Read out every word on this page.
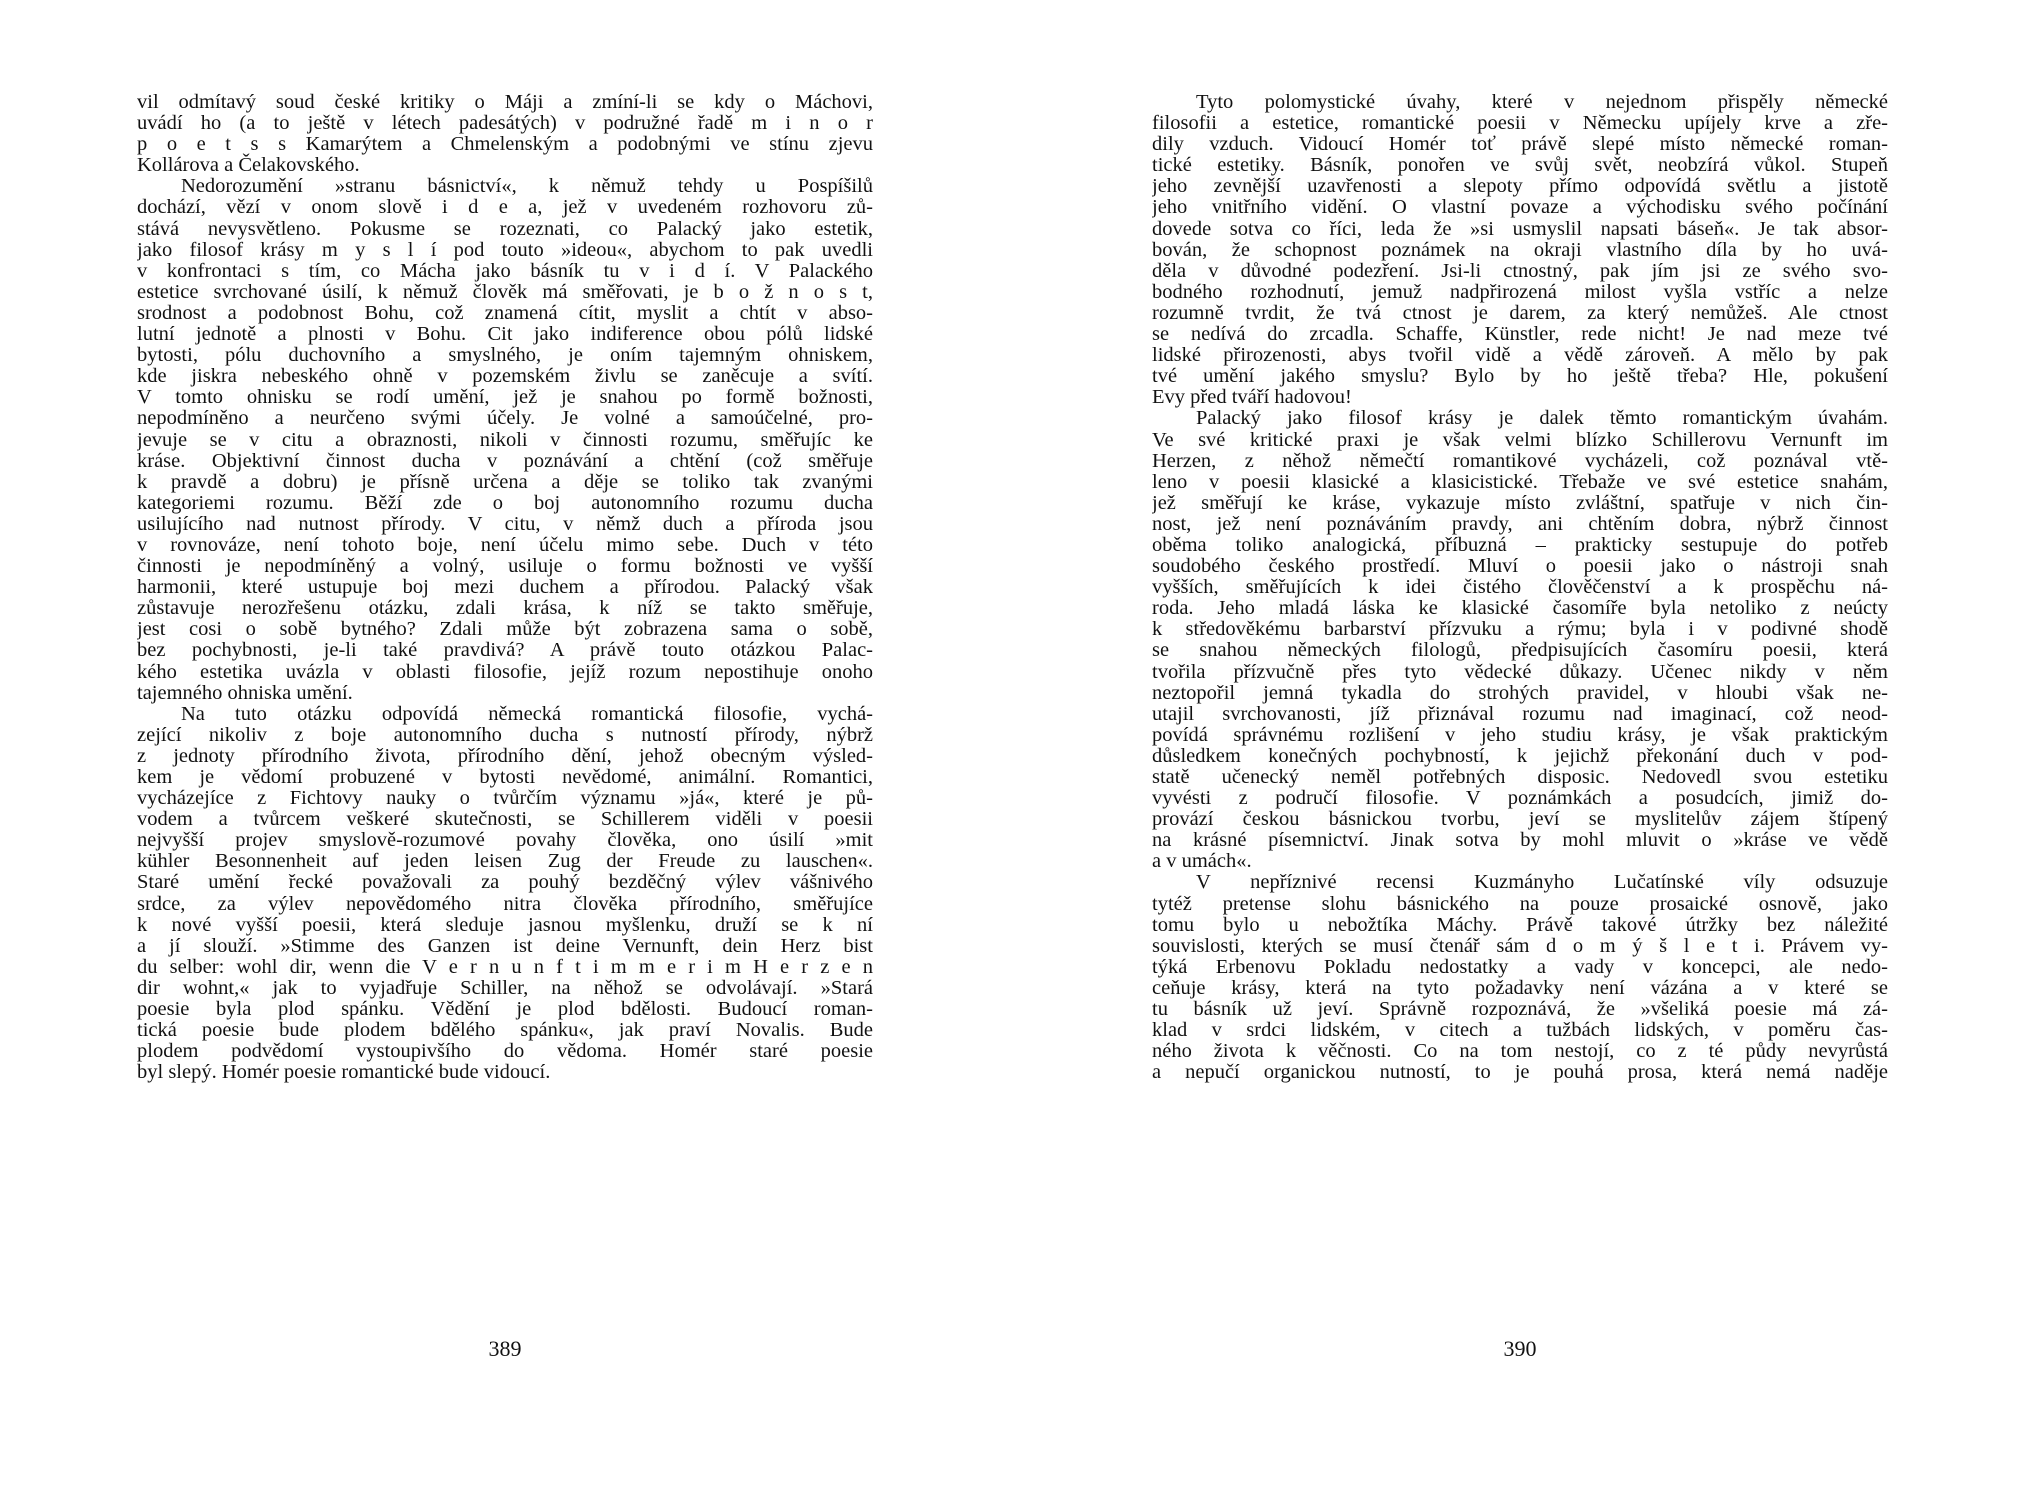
vil odmítavý soud české kritiky o Máji a zmíní-li se kdy o Máchovi,
uvádí ho (a to ještě v létech padesátých) v podružné řadě m i n o r
p o e t s s Kamarýtem a Chmelenským a podobnými ve stínu zjevu
Kollárova a Čelakovského.
Nedorozumění »stranu básnictví«, k němuž tehdy u Pospíšilů
dochází, vězí v onom slově i d e a, jež v uvedeném rozhovoru zů-
stává nevysvětleno. Pokusme se rozeznati, co Palacký jako estetik,
jako filosof krásy m y s l í pod touto »ideou«, abychom to pak uvedli
v konfrontaci s tím, co Mácha jako básník tu v i d í. V Palackého
estetice svrchované úsilí, k němuž člověk má směřovati, je b o ž n o s t,
srodnost a podobnost Bohu, což znamená cítit, myslit a chtít v abso-
lutní jednotě a plnosti v Bohu. Cit jako indiference obou pólů lidské
bytosti, pólu duchovního a smyslného, je oním tajemným ohniskem,
kde jiskra nebeského ohně v pozemském živlu se zaněcuje a svítí.
V tomto ohnisku se rodí umění, jež je snahou po formě božnosti,
nepodmíněno a neurčeno svými účely. Je volné a samoúčelné, pro-
jevuje se v citu a obraznosti, nikoli v činnosti rozumu, směřujíc ke
kráse. Objektivní činnost ducha v poznávání a chtění (což směřuje
k pravdě a dobru) je přísně určena a děje se toliko tak zvanými
kategoriemi rozumu. Běží zde o boj autonomního rozumu ducha
usilujícího nad nutnost přírody. V citu, v němž duch a příroda jsou
v rovnováze, není tohoto boje, není účelu mimo sebe. Duch v této
činnosti je nepodmíněný a volný, usiluje o formu božnosti ve vyšší
harmonii, které ustupuje boj mezi duchem a přírodou. Palacký však
zůstavuje nerozřešenu otázku, zdali krása, k níž se takto směřuje,
jest cosi o sobě bytného? Zdali může být zobrazena sama o sobě,
bez pochybnosti, je-li také pravdivá? A právě touto otázkou Palac-
kého estetika uvázla v oblasti filosofie, jejíž rozum nepostihuje onoho
tajemného ohniska umění.
Na tuto otázku odpovídá německá romantická filosofie, vychá-
zející nikoliv z boje autonomního ducha s nutností přírody, nýbrž
z jednoty přírodního života, přírodního dění, jehož obecným výsled-
kem je vědomí probuzené v bytosti nevědomé, animální. Romantici,
vycházejíce z Fichtovy nauky o tvůrčím významu »já«, které je pů-
vodem a tvůrcem veškeré skutečnosti, se Schillerem viděli v poesii
nejvyšší projev smyslově-rozumové povahy člověka, ono úsilí »mit
kühler Besonnenheit auf jeden leisen Zug der Freude zu lauschen«.
Staré umění řecké považovali za pouhý bezděčný výlev vášnivého
srdce, za výlev nepovědomého nitra člověka přírodního, směřujíce
k nové vyšší poesii, která sleduje jasnou myšlenku, druží se k ní
a jí slouží. »Stimme des Ganzen ist deine Vernunft, dein Herz bist
du selber: wohl dir, wenn die V e r n u n f t i m m e r i m H e r z e n
dir wohnt,« jak to vyjadřuje Schiller, na něhož se odvolávají. »Stará
poesie byla plod spánku. Vědění je plod bdělosti. Budoucí roman-
tická poesie bude plodem bdělého spánku«, jak praví Novalis. Bude
plodem podvědomí vystoupivšího do vědoma. Homér staré poesie
byl slepý. Homér poesie romantické bude vidoucí.
389
Tyto polomystické úvahy, které v nejednom přispěly německé
filosofii a estetice, romantické poesii v Německu upíjely krve a zře-
dily vzduch. Vidoucí Homér toť právě slepé místo německé roman-
tické estetiky. Básník, ponořen ve svůj svět, neobzírá vůkol. Stupeň
jeho zevnější uzavřenosti a slepoty přímo odpovídá světlu a jistotě
jeho vnitřního vidění. O vlastní povaze a východisku svého počínání
dovede sotva co říci, leda že »si usmyslil napsati báseň«. Je tak absor-
bován, že schopnost poznámek na okraji vlastního díla by ho uvá-
děla v důvodné podezření. Jsi-li ctnostný, pak jím jsi ze svého svo-
bodného rozhodnutí, jemuž nadpřirozená milost vyšla vstříc a nelze
rozumně tvrdit, že tvá ctnost je darem, za který nemůžeš. Ale ctnost
se nedívá do zrcadla. Schaffe, Künstler, rede nicht! Je nad meze tvé
lidské přirozenosti, abys tvořil vidě a vědě zároveň. A mělo by pak
tvé umění jakého smyslu? Bylo by ho ještě třeba? Hle, pokušení
Evy před tváří hadovou!
Palacký jako filosof krásy je dalek těmto romantickým úvahám.
Ve své kritické praxi je však velmi blízko Schillerovu Vernunft im
Herzen, z něhož němečtí romantikové vycházeli, což poznával vtě-
leno v poesii klasické a klasicistické. Třebaže ve své estetice snahám,
jež směřují ke kráse, vykazuje místo zvláštní, spatřuje v nich čin-
nost, jež není poznáváním pravdy, ani chtěním dobra, nýbrž činnost
oběma toliko analogická, příbuzná – prakticky sestupuje do potřeb
soudobého českého prostředí. Mluví o poesii jako o nástroji snah
vyšších, směřujících k idei čistého člověčenství a k prospěchu ná-
roda. Jeho mladá láska ke klasické časomíře byla netoliko z neúcty
k středověkému barbarství přízvuku a rýmu; byla i v podivné shodě
se snahou německých filologů, předpisujících časomíru poesii, která
tvořila přízvučně přes tyto vědecké důkazy. Učenec nikdy v něm
neztopořil jemná tykadla do strohých pravidel, v hloubi však ne-
utajil svrchovanosti, jíž přiznával rozumu nad imaginací, což neod-
povídá správnému rozlišení v jeho studiu krásy, je však praktickým
důsledkem konečných pochybností, k jejichž překonání duch v pod-
statě učenecký neměl potřebných disposic. Nedovedl svou estetiku
vyvésti z područí filosofie. V poznámkách a posudcích, jimiž do-
provází českou básnickou tvorbu, jeví se myslitelův zájem štípený
na krásné písemnictví. Jinak sotva by mohl mluvit o »kráse ve vědě
a v umách«.
V nepříznivé recensi Kuzmányho Lučatínské víly odsuzuje
tytéž pretense slohu básnického na pouze prosaické osnově, jako
tomu bylo u nebožtíka Máchy. Právě takové útržky bez náležité
souvislosti, kterých se musí čtenář sám d o m ý š l e t i. Právem vy-
týká Erbenovu Pokladu nedostatky a vady v koncepci, ale nedo-
ceňuje krásy, která na tyto požadavky není vázána a v které se
tu básník už jeví. Správně rozpoznává, že »všeliká poesie má zá-
klad v srdci lidském, v citech a tužbách lidských, v poměru čas-
ného života k věčnosti. Co na tom nestojí, co z té půdy nevyrůstá
a nepučí organickou nutností, to je pouhá prosa, která nemá naděje
390
